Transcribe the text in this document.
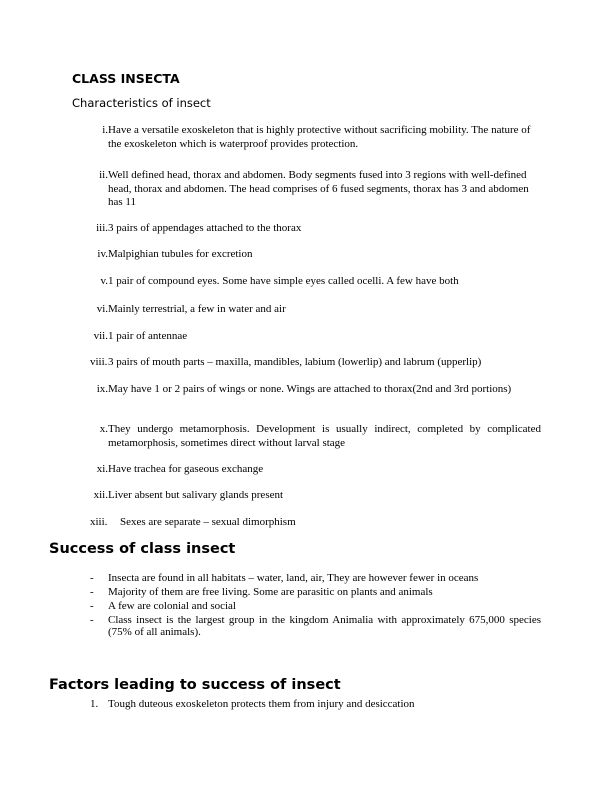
CLASS INSECTA
Characteristics of insect
i. Have a versatile exoskeleton that is highly protective without sacrificing mobility. The nature of the exoskeleton which is waterproof provides protection.
ii. Well defined head, thorax and abdomen. Body segments fused into 3 regions with well-defined head, thorax and abdomen. The head comprises of 6 fused segments, thorax has 3 and abdomen has 11
iii. 3 pairs of appendages attached to the thorax
iv. Malpighian tubules for excretion
v. 1 pair of compound eyes. Some have simple eyes called ocelli. A few have both
vi. Mainly terrestrial, a few in water and air
vii. 1 pair of antennae
viii. 3 pairs of mouth parts – maxilla, mandibles, labium (lowerlip) and labrum (upperlip)
ix. May have 1 or 2 pairs of wings or none. Wings are attached to thorax(2nd and 3rd portions)
x. They undergo metamorphosis. Development is usually indirect, completed by complicated metamorphosis, sometimes direct without larval stage
xi. Have trachea for gaseous exchange
xii. Liver absent but salivary glands present
xiii.	Sexes are separate – sexual dimorphism
Success of class insect
- Insecta are found in all habitats – water, land, air, They are however fewer in oceans
- Majority of them are free living. Some are parasitic on plants and animals
- A few are colonial and social
- Class insect is the largest group in the kingdom Animalia with approximately 675,000 species (75% of all animals).
Factors leading to success of insect
1. Tough duteous exoskeleton protects them from injury and desiccation
